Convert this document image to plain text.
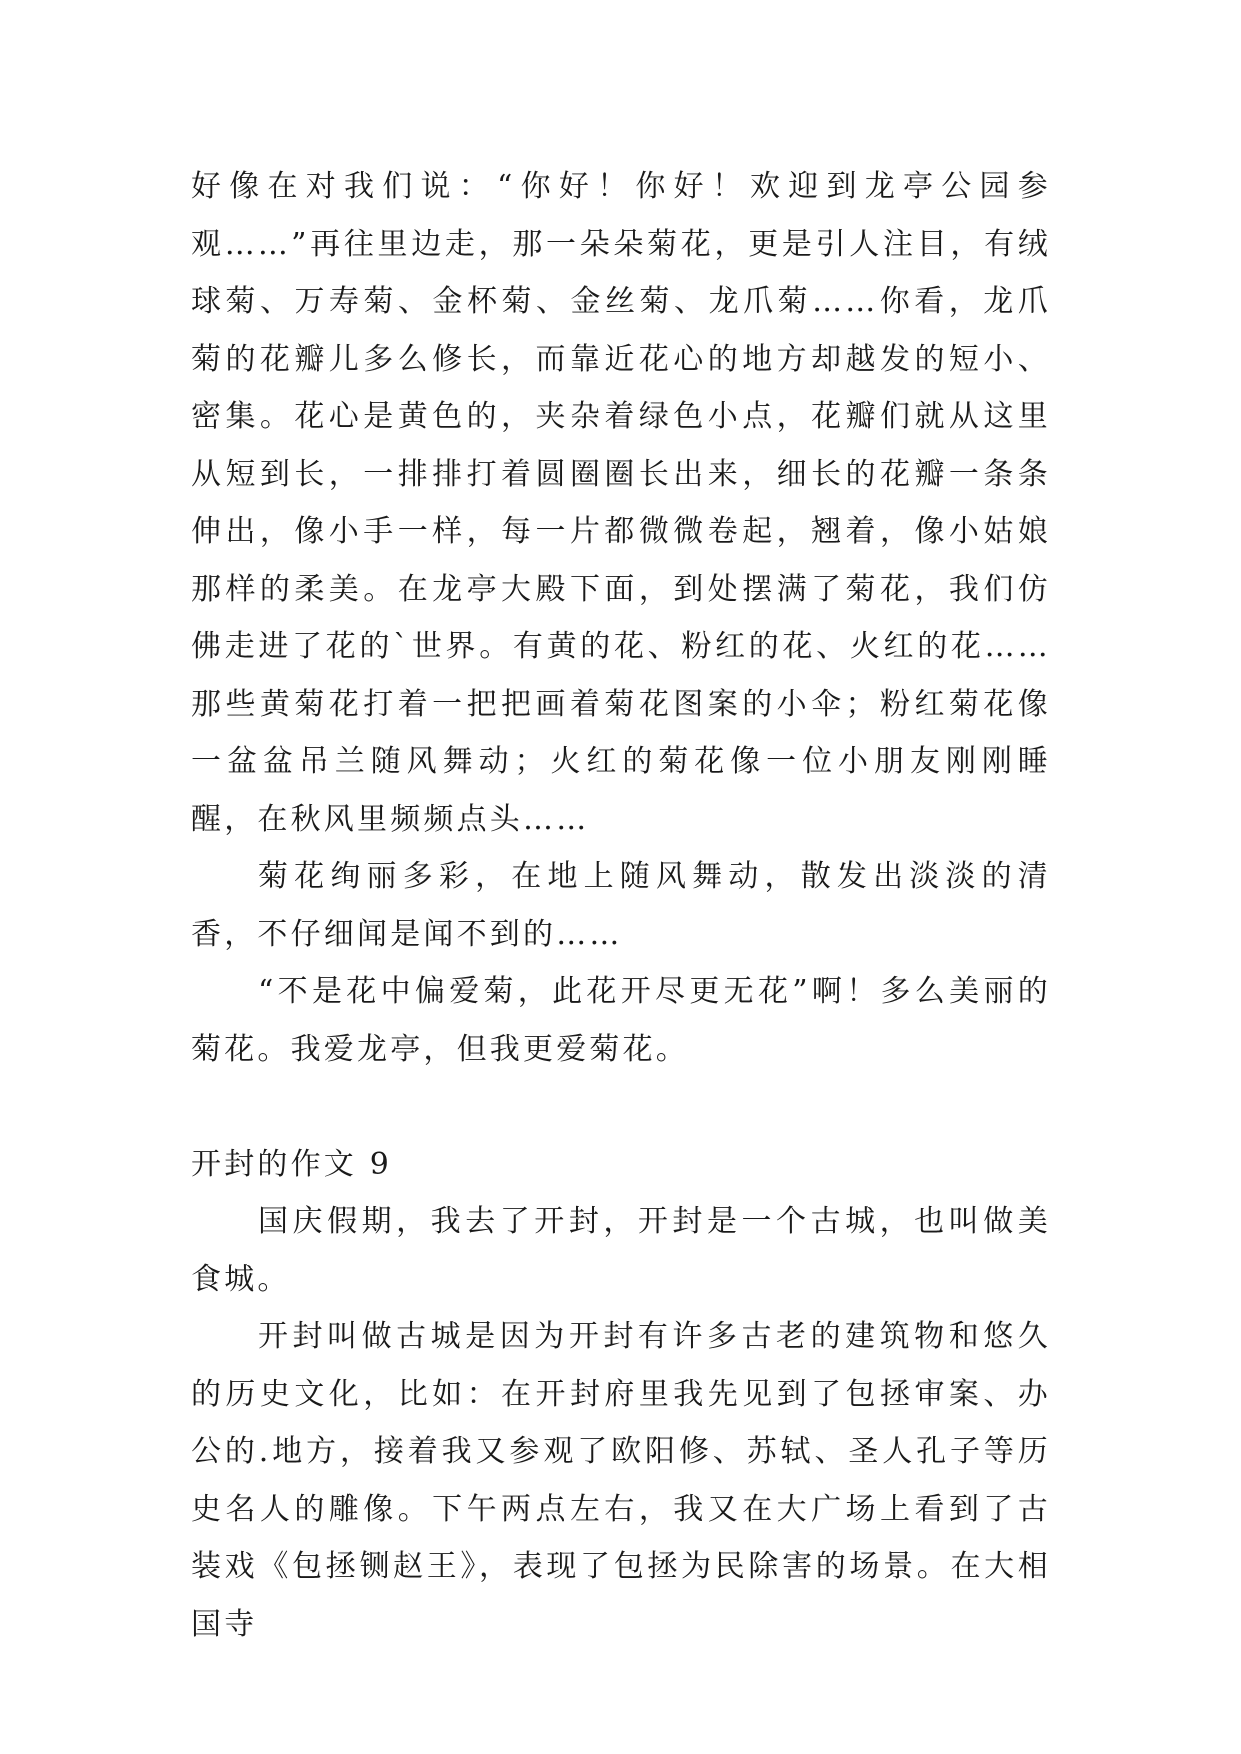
好像在对我们说：“你好！你好！欢迎到龙亭公园参观……”再往里边走，那一朵朵菊花，更是引人注目，有绒球菊、万寿菊、金杯菊、金丝菊、龙爪菊……你看，龙爪菊的花瓣儿多么修长，而靠近花心的地方却越发的短小、密集。花心是黄色的，夹杂着绿色小点，花瓣们就从这里从短到长，一排排打着圆圈圈长出来，细长的花瓣一条条伸出，像小手一样，每一片都微微卷起，翘着，像小姑娘那样的柔美。在龙亭大殿下面，到处摆满了菊花，我们仿佛走进了花的`世界。有黄的花、粉红的花、火红的花……那些黄菊花打着一把把画着菊花图案的小伞；粉红菊花像一盆盆吊兰随风舞动；火红的菊花像一位小朋友刚刚睡醒，在秋风里频频点头……

菊花绚丽多彩，在地上随风舞动，散发出淡淡的清香，不仔细闻是闻不到的……

“不是花中偏爱菊，此花开尽更无花”啊！多么美丽的菊花。我爱龙亭，但我更爱菊花。

开封的作文 9

国庆假期，我去了开封，开封是一个古城，也叫做美食城。

开封叫做古城是因为开封有许多古老的建筑物和悠久的历史文化，比如：在开封府里我先见到了包拯审案、办公的.地方，接着我又参观了欧阳修、苏轼、圣人孔子等历史名人的雕像。下午两点左右，我又在大广场上看到了古装戏《包拯铡赵王》，表现了包拯为民除害的场景。在大相国寺
